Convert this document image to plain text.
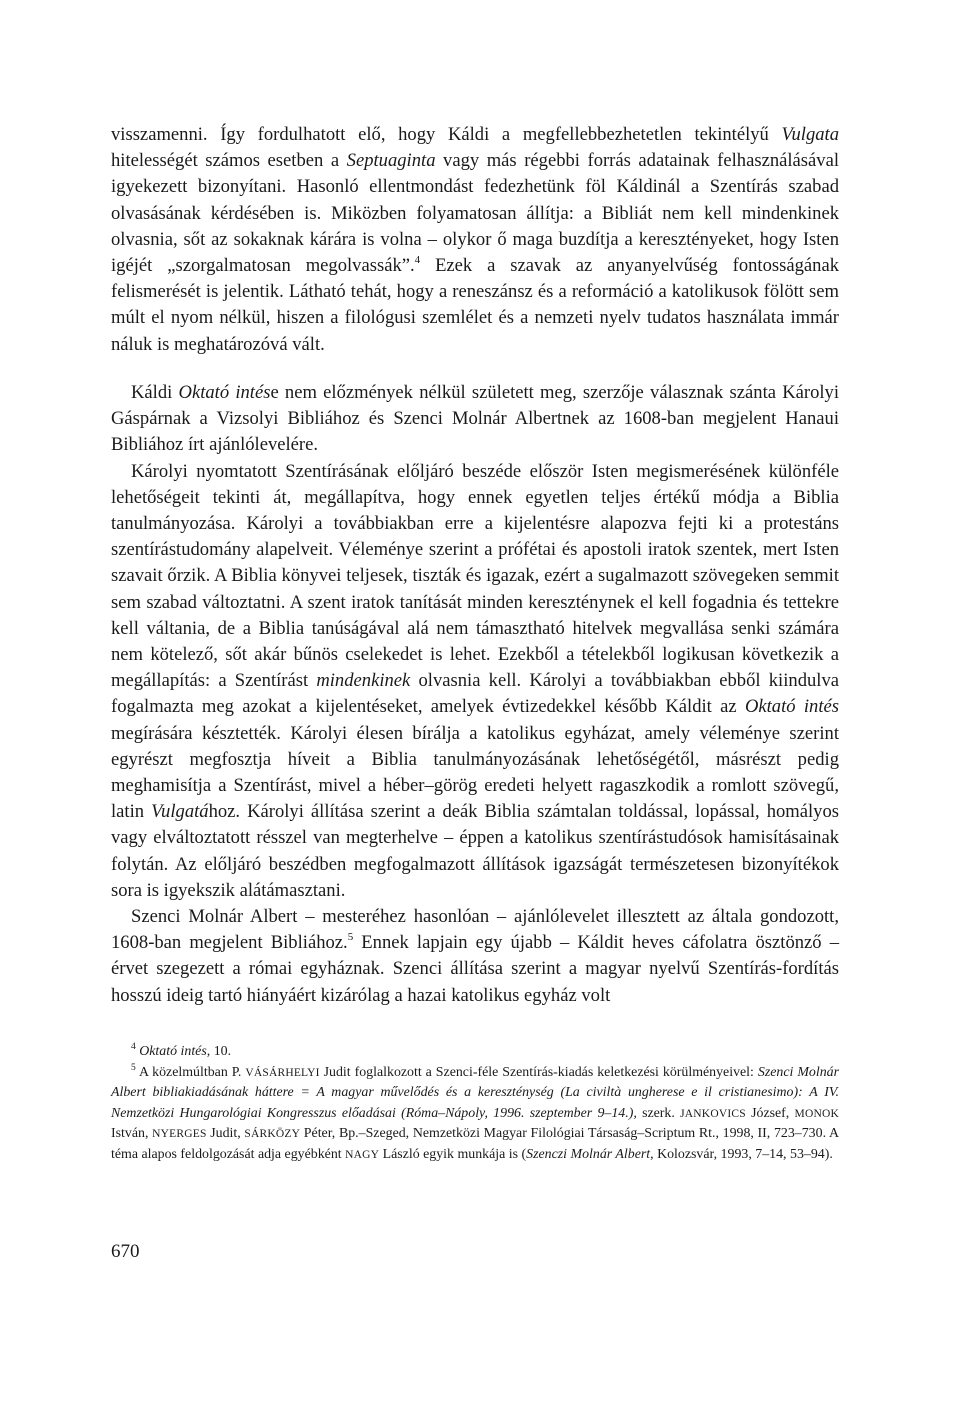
visszamenni. Így fordulhatott elő, hogy Káldi a megfellebbezhetetlen tekintélyű Vulgata hitelességét számos esetben a Septuaginta vagy más régebbi forrás adatainak felhasználásával igyekezett bizonyítani. Hasonló ellentmondást fedezhetünk föl Káldinál a Szentírás szabad olvasásának kérdésében is. Miközben folyamatosan állítja: a Bibliát nem kell mindenkinek olvasnia, sőt az sokaknak kárára is volna – olykor ő maga buzdítja a keresztényeket, hogy Isten igéjét „szorgalmatosan megolvassák”.$^4$ Ezek a szavak az anyanyelvűség fontosságának felismerését is jelentik. Látható tehát, hogy a reneszánsz és a reformáció a katolikusok fölött sem múlt el nyom nélkül, hiszen a filológusi szemlélet és a nemzeti nyelv tudatos használata immár náluk is meghatározóvá vált.

Káldi Oktató intése nem előzmények nélkül született meg, szerzője válasznak szánta Károlyi Gáspárnak a Vizsolyi Bibliához és Szenci Molnár Albertnek az 1608-ban megjelent Hanaui Bibliához írt ajánlólevelére.

Károlyi nyomtatott Szentírásának előljáró beszéde először Isten megismerésének különféle lehetőségeit tekinti át, megállapítva, hogy ennek egyetlen teljes értékű módja a Biblia tanulmányozása. Károlyi a továbbiakban erre a kijelentésre alapozva fejti ki a protestáns szentírástudomány alapelveit. Véleménye szerint a prófétai és apostoli iratok szentek, mert Isten szavait őrzik. A Biblia könyvei teljesek, tiszták és igazak, ezért a sugalmazott szövegeken semmit sem szabad változtatni. A szent iratok tanítását minden kereszténynek el kell fogadnia és tettekre kell váltania, de a Biblia tanúságával alá nem támasztható hitelvek megvallása senki számára nem kötelező, sőt akár bűnös cselekedet is lehet. Ezekből a tételekből logikusan következik a megállapítás: a Szentírást mindenkinek olvasnia kell. Károlyi a továbbiakban ebből kiindulva fogalmazta meg azokat a kijelentéseket, amelyek évtizedekkel később Káldit az Oktató intés megírására késztették. Károlyi élesen bírálja a katolikus egyházat, amely véleménye szerint egyrészt megfosztja híveit a Biblia tanulmányozásának lehetőségétől, másrészt pedig meghamisítja a Szentírást, mivel a héber–görög eredeti helyett ragaszkodik a romlott szövegű, latin Vulgatához. Károlyi állítása szerint a deák Biblia számtalan toldással, lopással, homályos vagy elváltoztatott résszel van megterhelve – éppen a katolikus szentírástudósok hamisításainak folytán. Az előljáró beszédben megfogalmazott állítások igazságát természetesen bizonyítékok sora is igyekszik alátámasztani.

Szenci Molnár Albert – mesteréhez hasonlóan – ajánlólevelet illesztett az általa gondozott, 1608-ban megjelent Bibliához.$^5$ Ennek lapjain egy újabb – Káldit heves cáfolatra ösztönző – érvet szegezett a római egyháznak. Szenci állítása szerint a magyar nyelvű Szentírás-fordítás hosszú ideig tartó hiányáért kizárólag a hazai katolikus egyház volt

$^4$ Oktató intés, 10.

$^5$ A közelmúltban P. VÁSÁRHELYI Judit foglalkozott a Szenci-féle Szentírás-kiadás keletkezési körülményeivel: Szenci Molnár Albert bibliakiadásának háttere = A magyar művelődés és a kereszténység (La civiltà ungherese e il cristianesimo): A IV. Nemzetközi Hungarológiai Kongresszus előadásai (Róma–Nápoly, 1996. szeptember 9–14.), szerk. JANKOVICS József, MONOK István, NYERGES Judit, SÁRKÖZY Péter, Bp.–Szeged, Nemzetközi Magyar Filológiai Társaság–Scriptum Rt., 1998, II, 723–730. A téma alapos feldolgozását adja egyébként NAGY László egyik munkája is (Szenczi Molnár Albert, Kolozsvár, 1993, 7–14, 53–94).

670
